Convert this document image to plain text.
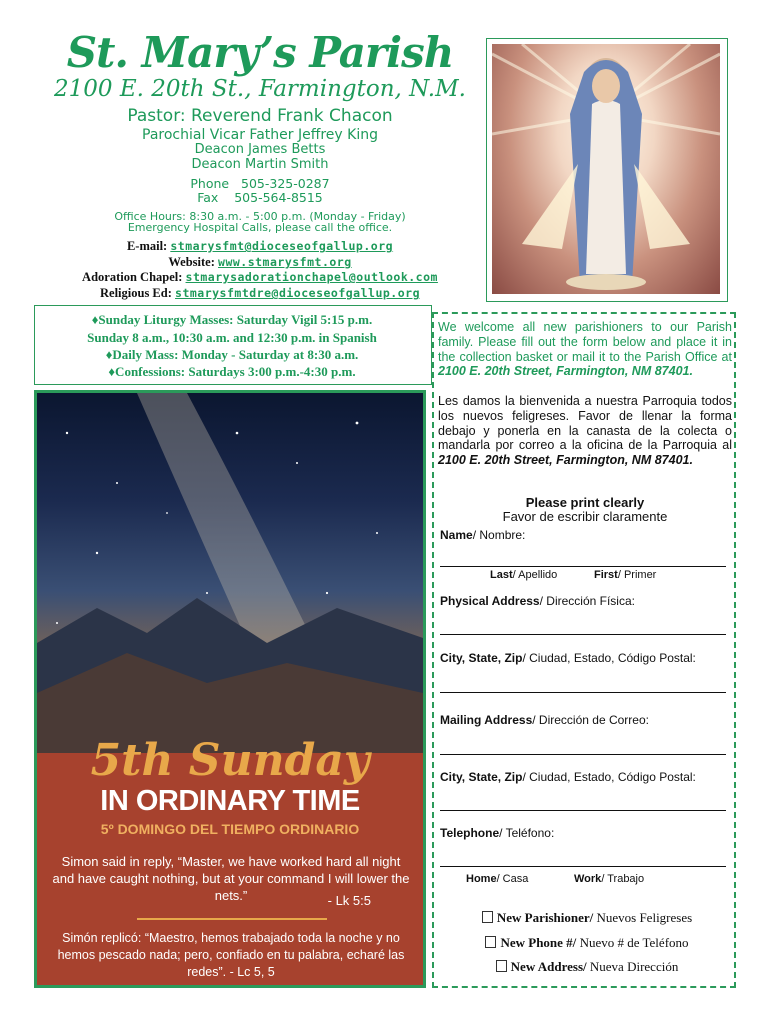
St. Mary’s Parish
2100 E. 20th St., Farmington, N.M.
Pastor: Reverend Frank Chacon
Parochial Vicar Father Jeffrey King
Deacon James Betts
Deacon Martin Smith
Phone   505-325-0287
Fax    505-564-8515
Office Hours: 8:30 a.m. - 5:00 p.m. (Monday - Friday)
Emergency Hospital Calls, please call the office.
E-mail: stmarysfmt@dioceseofgallup.org
Website: www.stmarysfmt.org
Adoration Chapel: stmarysadorationchapel@outlook.com
Religious Ed: stmarysfmtdre@dioceseofgallup.org
♦Sunday Liturgy Masses: Saturday Vigil 5:15 p.m.
Sunday 8 a.m., 10:30 a.m. and 12:30 p.m. in Spanish
♦Daily Mass: Monday - Saturday at 8:30 a.m.
♦Confessions: Saturdays 3:00 p.m.-4:30 p.m.
5th Sunday
IN ORDINARY TIME
5º DOMINGO DEL TIEMPO ORDINARIO
Simon said in reply, “Master, we have worked hard all night and have caught nothing, but at your command I will lower the nets.”	- Lk 5:5
Simón replicó: “Maestro, hemos trabajado toda la noche y no hemos pescado nada; pero, confiado en tu palabra, echaré las redes”. - Lc 5, 5
We welcome all new parishioners to our Parish family. Please fill out the form below and place it in the collection basket or mail it to the Parish Office at 2100 E. 20th Street, Farmington, NM 87401.
Les damos la bienvenida a nuestra Parroquia todos los nuevos feligreses. Favor de llenar la forma debajo y ponerla en la canasta de la colecta o mandarla por correo a la oficina de la Parroquia al 2100 E. 20th Street, Farmington, NM 87401.
Please print clearly
Favor de escribir claramente
Name/ Nombre:
Last/ Apellido	First/ Primer
Physical Address/ Dirección Física:
City, State, Zip/ Ciudad, Estado, Código Postal:
Mailing Address/ Dirección de Correo:
City, State, Zip/ Ciudad, Estado, Código Postal:
Telephone/ Teléfono:
Home/ Casa	Work/ Trabajo
New Parishioner/ Nuevos Feligreses
New Phone #/ Nuevo # de Teléfono
New Address/ Nueva Dirección
